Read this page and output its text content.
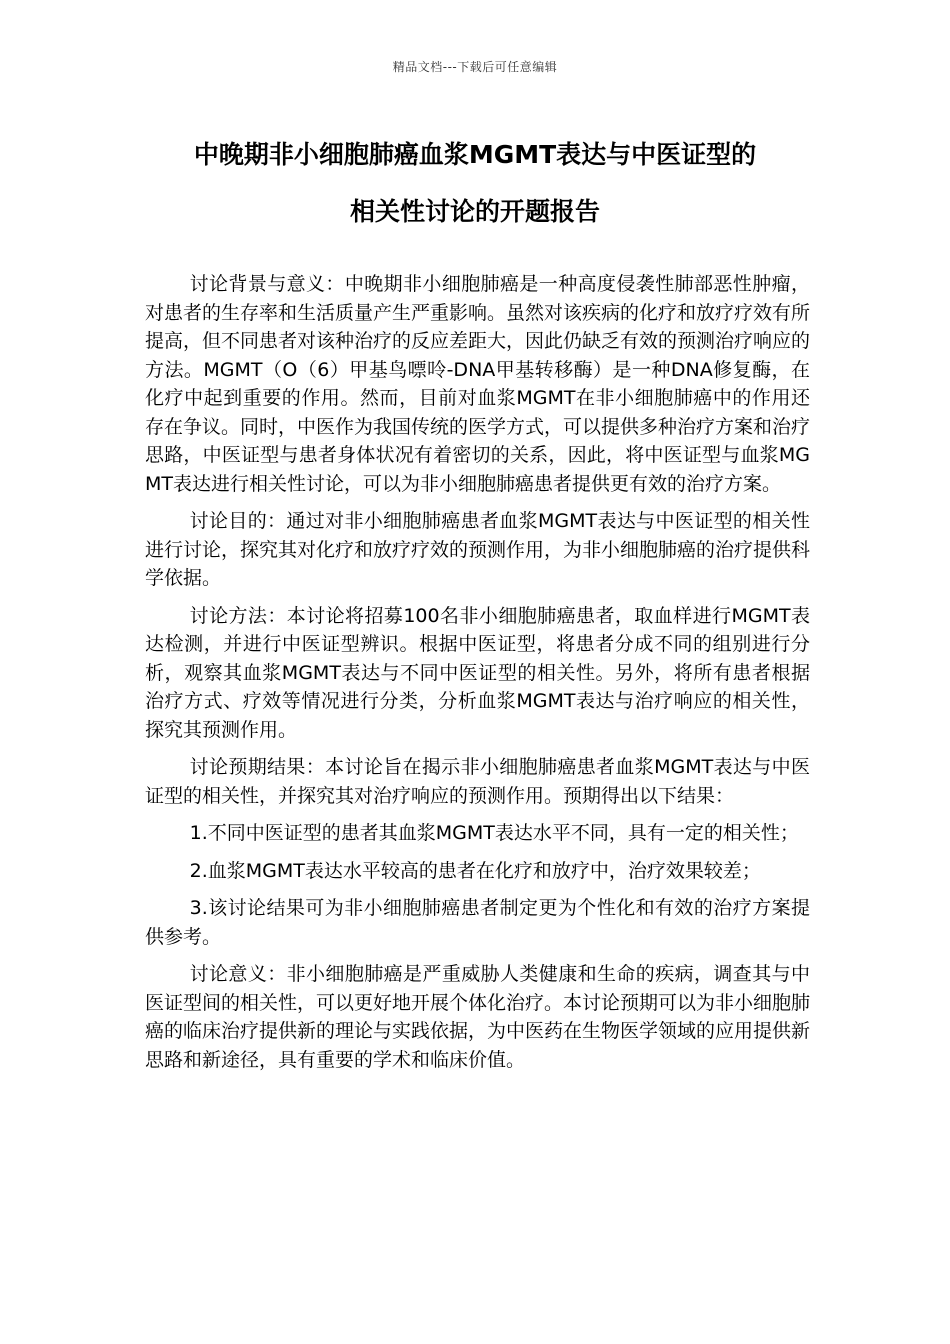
精品文档---下载后可任意编辑
中晚期非小细胞肺癌血浆MGMT表达与中医证型的
相关性讨论的开题报告

讨论背景与意义：中晚期非小细胞肺癌是一种高度侵袭性肺部恶性肿瘤，对患者的生存率和生活质量产生严重影响。虽然对该疾病的化疗和放疗疗效有所提高，但不同患者对该种治疗的反应差距大，因此仍缺乏有效的预测治疗响应的方法。MGMT（O（6）甲基鸟嘌呤-DNA甲基转移酶）是一种DNA修复酶，在化疗中起到重要的作用。然而，目前对血浆MGMT在非小细胞肺癌中的作用还存在争议。同时，中医作为我国传统的医学方式，可以提供多种治疗方案和治疗思路，中医证型与患者身体状况有着密切的关系，因此，将中医证型与血浆MGMT表达进行相关性讨论，可以为非小细胞肺癌患者提供更有效的治疗方案。

讨论目的：通过对非小细胞肺癌患者血浆MGMT表达与中医证型的相关性进行讨论，探究其对化疗和放疗疗效的预测作用，为非小细胞肺癌的治疗提供科学依据。

讨论方法：本讨论将招募100名非小细胞肺癌患者，取血样进行MGMT表达检测，并进行中医证型辨识。根据中医证型，将患者分成不同的组别进行分析，观察其血浆MGMT表达与不同中医证型的相关性。另外，将所有患者根据治疗方式、疗效等情况进行分类，分析血浆MGMT表达与治疗响应的相关性，探究其预测作用。

讨论预期结果：本讨论旨在揭示非小细胞肺癌患者血浆MGMT表达与中医证型的相关性，并探究其对治疗响应的预测作用。预期得出以下结果：

1.不同中医证型的患者其血浆MGMT表达水平不同，具有一定的相关性；

2.血浆MGMT表达水平较高的患者在化疗和放疗中，治疗效果较差；

3.该讨论结果可为非小细胞肺癌患者制定更为个性化和有效的治疗方案提供参考。

讨论意义：非小细胞肺癌是严重威胁人类健康和生命的疾病，调查其与中医证型间的相关性，可以更好地开展个体化治疗。本讨论预期可以为非小细胞肺癌的临床治疗提供新的理论与实践依据，为中医药在生物医学领域的应用提供新思路和新途径，具有重要的学术和临床价值。
